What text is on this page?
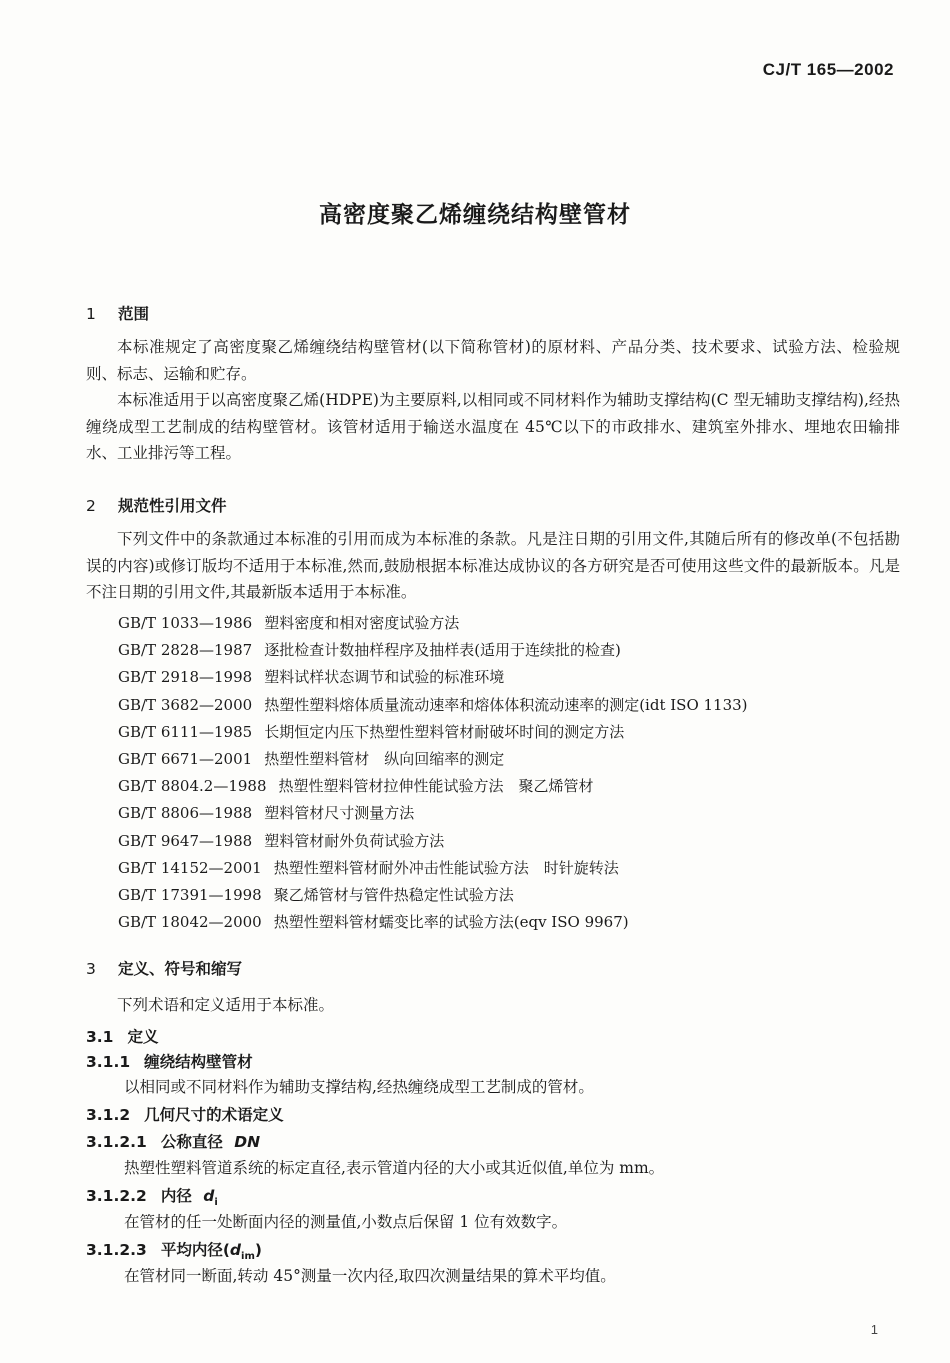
CJ/T 165—2002
高密度聚乙烯缠绕结构壁管材
1 范围
本标准规定了高密度聚乙烯缠绕结构壁管材(以下简称管材)的原材料、产品分类、技术要求、试验方法、检验规则、标志、运输和贮存。
本标准适用于以高密度聚乙烯(HDPE)为主要原料,以相同或不同材料作为辅助支撑结构(C 型无辅助支撑结构),经热缠绕成型工艺制成的结构壁管材。该管材适用于输送水温度在 45℃以下的市政排水、建筑室外排水、埋地农田输排水、工业排污等工程。
2 规范性引用文件
下列文件中的条款通过本标准的引用而成为本标准的条款。凡是注日期的引用文件,其随后所有的修改单(不包括勘误的内容)或修订版均不适用于本标准,然而,鼓励根据本标准达成协议的各方研究是否可使用这些文件的最新版本。凡是不注日期的引用文件,其最新版本适用于本标准。
GB/T 1033—1986 塑料密度和相对密度试验方法
GB/T 2828—1987 逐批检查计数抽样程序及抽样表(适用于连续批的检查)
GB/T 2918—1998 塑料试样状态调节和试验的标准环境
GB/T 3682—2000 热塑性塑料熔体质量流动速率和熔体体积流动速率的测定(idt ISO 1133)
GB/T 6111—1985 长期恒定内压下热塑性塑料管材耐破坏时间的测定方法
GB/T 6671—2001 热塑性塑料管材　纵向回缩率的测定
GB/T 8804.2—1988 热塑性塑料管材拉伸性能试验方法　聚乙烯管材
GB/T 8806—1988 塑料管材尺寸测量方法
GB/T 9647—1988 塑料管材耐外负荷试验方法
GB/T 14152—2001 热塑性塑料管材耐外冲击性能试验方法　时针旋转法
GB/T 17391—1998 聚乙烯管材与管件热稳定性试验方法
GB/T 18042—2000 热塑性塑料管材蠕变比率的试验方法(eqv ISO 9967)
3 定义、符号和缩写
下列术语和定义适用于本标准。
3.1 定义
3.1.1 缠绕结构壁管材
以相同或不同材料作为辅助支撑结构,经热缠绕成型工艺制成的管材。
3.1.2 几何尺寸的术语定义
3.1.2.1 公称直径 DN
热塑性塑料管道系统的标定直径,表示管道内径的大小或其近似值,单位为 mm。
3.1.2.2 内径 $d_i$
在管材的任一处断面内径的测量值,小数点后保留 1 位有效数字。
3.1.2.3 平均内径$(d_{im})$
在管材同一断面,转动 45°测量一次内径,取四次测量结果的算术平均值。
1
